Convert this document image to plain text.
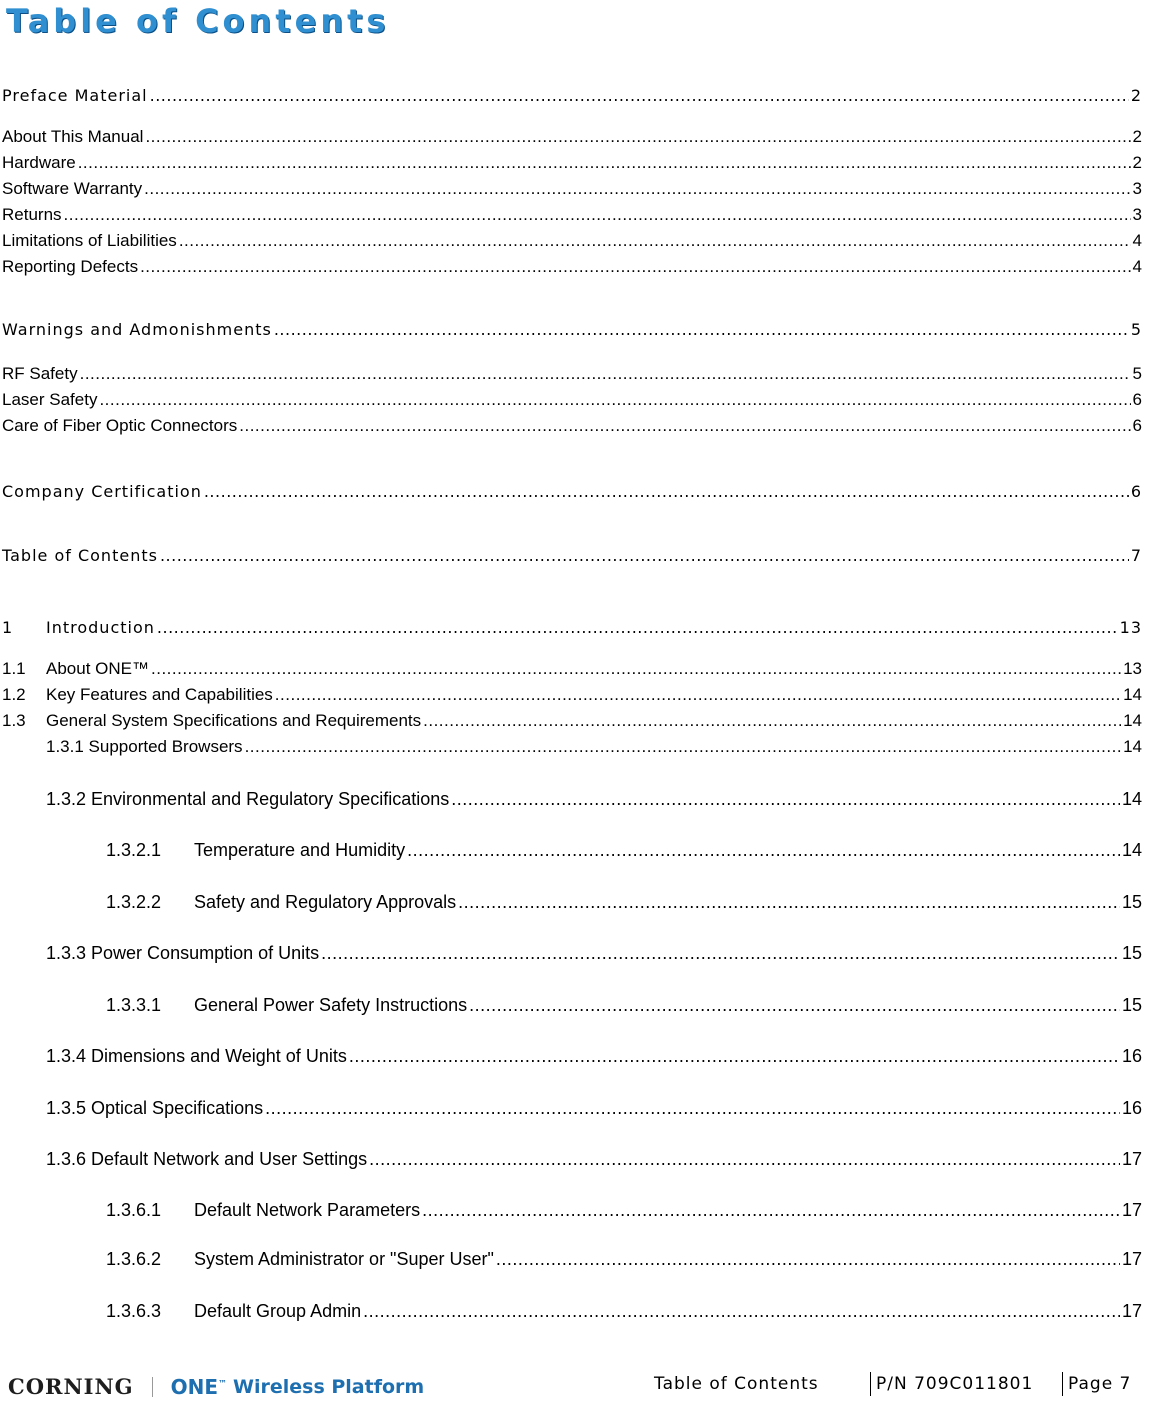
Table of Contents
Preface Material .....	2
About This Manual .....	2
Hardware .....	2
Software Warranty .....	3
Returns .....	3
Limitations of Liabilities .....	4
Reporting Defects .....	4
Warnings and Admonishments .....	5
RF Safety .....	5
Laser Safety .....	6
Care of Fiber Optic Connectors .....	6
Company Certification .....	6
Table of Contents .....	7
1	Introduction .....	13
1.1	About ONE™ .....	13
1.2	Key Features and Capabilities .....	14
1.3	General System Specifications and Requirements .....	14
1.3.1 Supported Browsers .....	14
1.3.2 Environmental and Regulatory Specifications .....	14
1.3.2.1	Temperature and Humidity .....	14
1.3.2.2	Safety and Regulatory Approvals .....	15
1.3.3 Power Consumption of Units .....	15
1.3.3.1	General Power Safety Instructions .....	15
1.3.4 Dimensions and Weight of Units .....	16
1.3.5 Optical Specifications .....	16
1.3.6 Default Network and User Settings .....	17
1.3.6.1	Default Network Parameters .....	17
1.3.6.2	System Administrator or "Super User" .....	17
1.3.6.3	Default Group Admin .....	17
CORNING ONE™ Wireless Platform	Table of Contents	P/N 709C011801 Page 7
